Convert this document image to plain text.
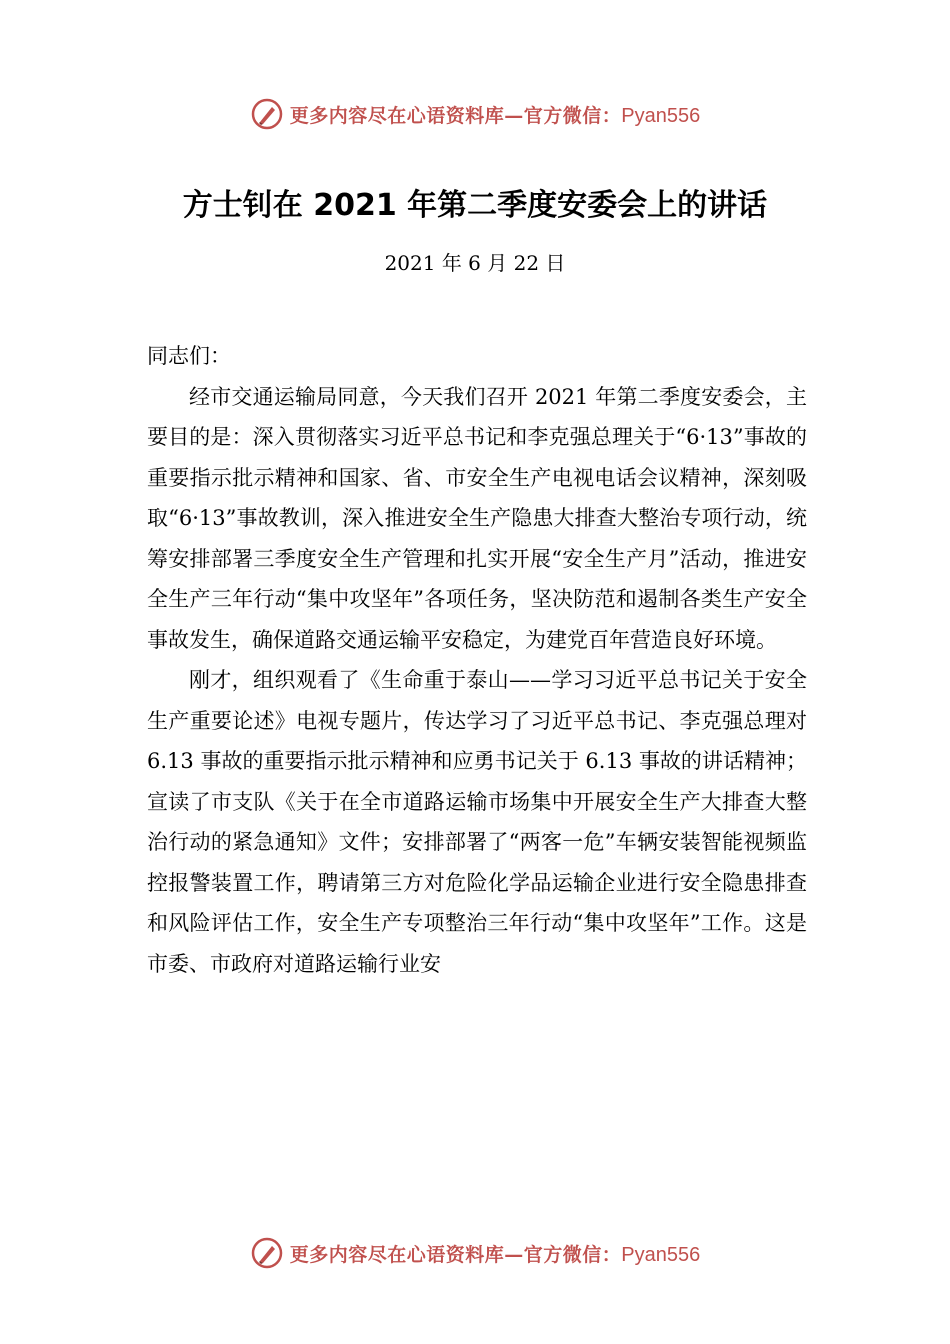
更多内容尽在心语资料库—官方微信：Pyan556
方士钊在 2021 年第二季度安委会上的讲话
2021 年 6 月 22 日

同志们：

经市交通运输局同意，今天我们召开 2021 年第二季度安委会，主要目的是：深入贯彻落实习近平总书记和李克强总理关于“6·13”事故的重要指示批示精神和国家、省、市安全生产电视电话会议精神，深刻吸取“6·13”事故教训，深入推进安全生产隐患大排查大整治专项行动，统筹安排部署三季度安全生产管理和扎实开展“安全生产月”活动，推进安全生产三年行动“集中攻坚年”各项任务，坚决防范和遏制各类生产安全事故发生，确保道路交通运输平安稳定，为建党百年营造良好环境。

刚才，组织观看了《生命重于泰山——学习习近平总书记关于安全生产重要论述》电视专题片，传达学习了习近平总书记、李克强总理对 6.13 事故的重要指示批示精神和应勇书记关于 6.13 事故的讲话精神；宣读了市支队《关于在全市道路运输市场集中开展安全生产大排查大整治行动的紧急通知》文件；安排部署了“两客一危”车辆安装智能视频监控报警装置工作，聘请第三方对危险化学品运输企业进行安全隐患排查和风险评估工作，安全生产专项整治三年行动“集中攻坚年”工作。这是市委、市政府对道路运输行业安

更多内容尽在心语资料库—官方微信：Pyan556
